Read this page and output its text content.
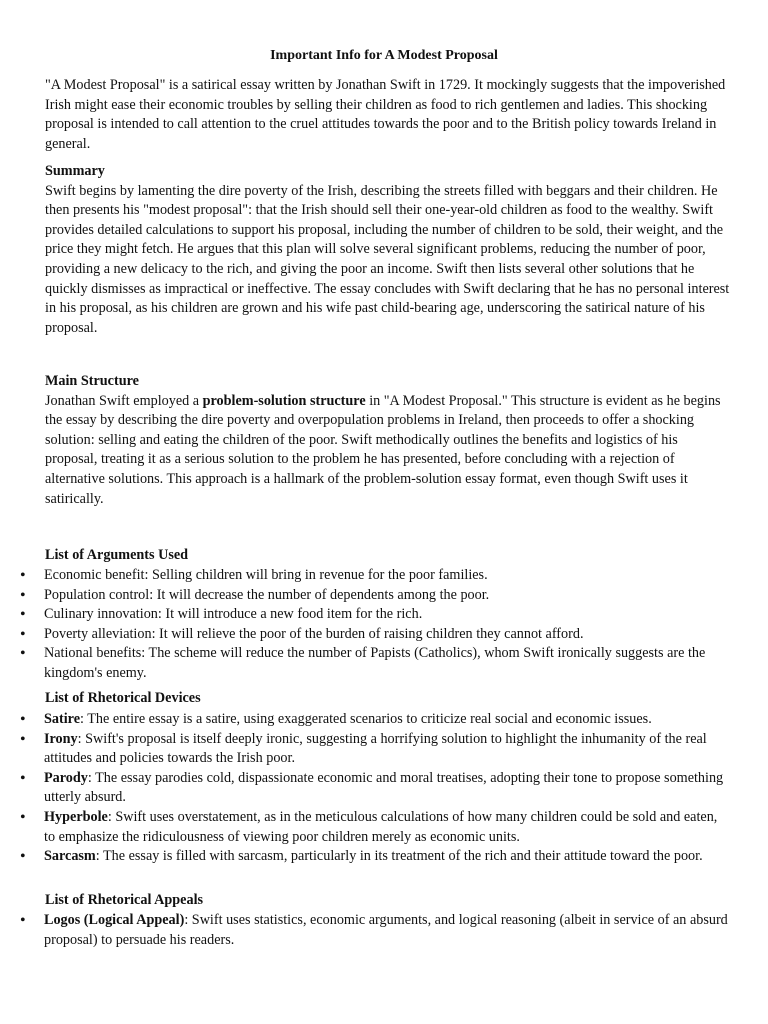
Important Info for A Modest Proposal

"A Modest Proposal" is a satirical essay written by Jonathan Swift in 1729. It mockingly suggests that the impoverished Irish might ease their economic troubles by selling their children as food to rich gentlemen and ladies. This shocking proposal is intended to call attention to the cruel attitudes towards the poor and to the British policy towards Ireland in general.

Summary
Swift begins by lamenting the dire poverty of the Irish, describing the streets filled with beggars and their children. He then presents his "modest proposal": that the Irish should sell their one-year-old children as food to the wealthy. Swift provides detailed calculations to support his proposal, including the number of children to be sold, their weight, and the price they might fetch. He argues that this plan will solve several significant problems, reducing the number of poor, providing a new delicacy to the rich, and giving the poor an income. Swift then lists several other solutions that he quickly dismisses as impractical or ineffective. The essay concludes with Swift declaring that he has no personal interest in his proposal, as his children are grown and his wife past child-bearing age, underscoring the satirical nature of his proposal.
Main Structure
Jonathan Swift employed a problem-solution structure in "A Modest Proposal." This structure is evident as he begins the essay by describing the dire poverty and overpopulation problems in Ireland, then proceeds to offer a shocking solution: selling and eating the children of the poor. Swift methodically outlines the benefits and logistics of his proposal, treating it as a serious solution to the problem he has presented, before concluding with a rejection of alternative solutions. This approach is a hallmark of the problem-solution essay format, even though Swift uses it satirically.
List of Arguments Used
• Economic benefit: Selling children will bring in revenue for the poor families.
• Population control: It will decrease the number of dependents among the poor.
• Culinary innovation: It will introduce a new food item for the rich.
• Poverty alleviation: It will relieve the poor of the burden of raising children they cannot afford.
• National benefits: The scheme will reduce the number of Papists (Catholics), whom Swift ironically suggests are the kingdom's enemy.
List of Rhetorical Devices
• Satire: The entire essay is a satire, using exaggerated scenarios to criticize real social and economic issues.
• Irony: Swift's proposal is itself deeply ironic, suggesting a horrifying solution to highlight the inhumanity of the real attitudes and policies towards the Irish poor.
• Parody: The essay parodies cold, dispassionate economic and moral treatises, adopting their tone to propose something utterly absurd.
• Hyperbole: Swift uses overstatement, as in the meticulous calculations of how many children could be sold and eaten, to emphasize the ridiculousness of viewing poor children merely as economic units.
• Sarcasm: The essay is filled with sarcasm, particularly in its treatment of the rich and their attitude toward the poor.
List of Rhetorical Appeals
• Logos (Logical Appeal): Swift uses statistics, economic arguments, and logical reasoning (albeit in service of an absurd proposal) to persuade his readers.
